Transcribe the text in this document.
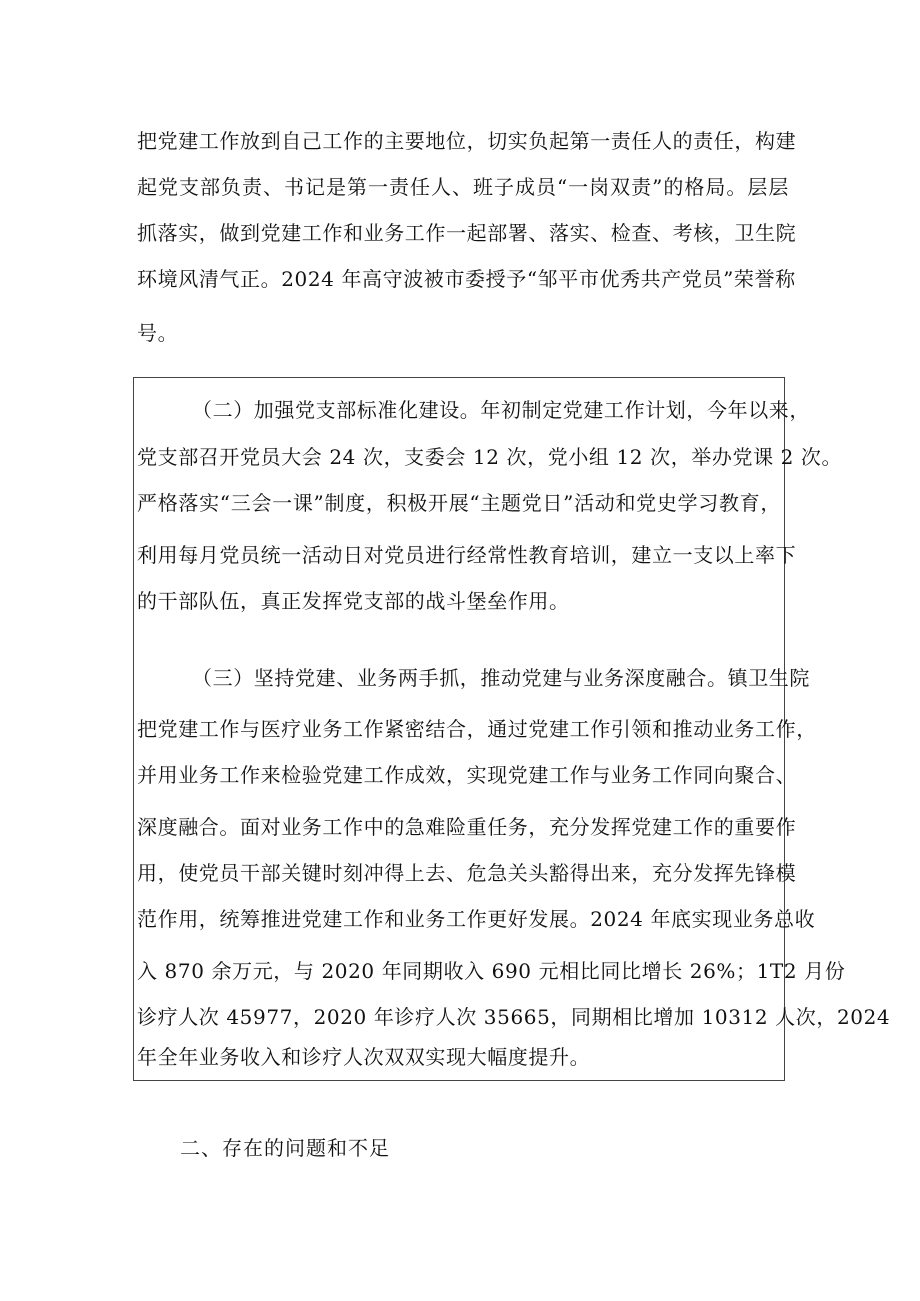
把党建工作放到自己工作的主要地位，切实负起第一责任人的责任，构建
起党支部负责、书记是第一责任人、班子成员“一岗双责”的格局。层层
抓落实，做到党建工作和业务工作一起部署、落实、检查、考核，卫生院
环境风清气正。2024 年高守波被市委授予“邹平市优秀共产党员”荣誉称
号。
（二）加强党支部标准化建设。年初制定党建工作计划，今年以来，
党支部召开党员大会 24 次，支委会 12 次，党小组 12 次，举办党课 2 次。
严格落实“三会一课”制度，积极开展“主题党日”活动和党史学习教育，
利用每月党员统一活动日对党员进行经常性教育培训，建立一支以上率下
的干部队伍，真正发挥党支部的战斗堡垒作用。
（三）坚持党建、业务两手抓，推动党建与业务深度融合。镇卫生院
把党建工作与医疗业务工作紧密结合，通过党建工作引领和推动业务工作，
并用业务工作来检验党建工作成效，实现党建工作与业务工作同向聚合、
深度融合。面对业务工作中的急难险重任务，充分发挥党建工作的重要作
用，使党员干部关键时刻冲得上去、危急关头豁得出来，充分发挥先锋模
范作用，统筹推进党建工作和业务工作更好发展。2024 年底实现业务总收
入 870 余万元，与 2020 年同期收入 690 元相比同比增长 26%；1T2 月份
诊疗人次 45977，2020 年诊疗人次 35665，同期相比增加 10312 人次，2024
年全年业务收入和诊疗人次双双实现大幅度提升。
二、存在的问题和不足
